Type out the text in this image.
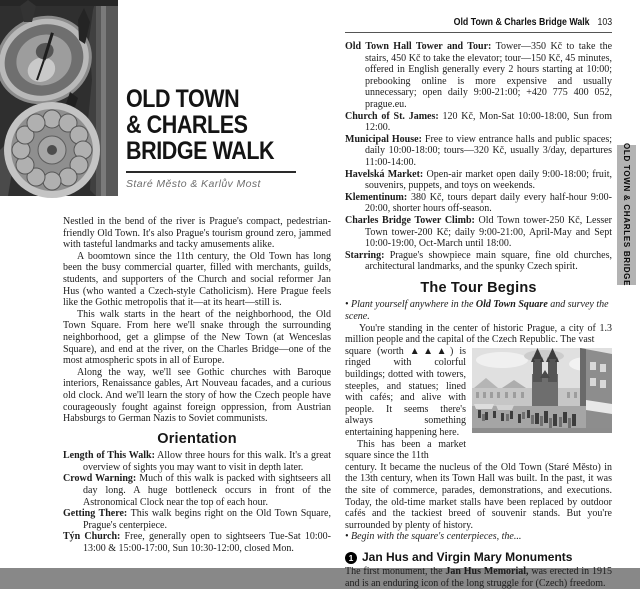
OLD TOWN
& CHARLES
BRIDGE WALK
Staré Město & Karlův Most

Nestled in the bend of the river is Prague's compact, pedestrian-friendly Old Town. It's also Prague's tourism ground zero, jammed with tasteful landmarks and tacky amusements alike.

A boomtown since the 11th century, the Old Town has long been the busy commercial quarter, filled with merchants, guilds, students, and supporters of the Church and social reformer Jan Hus (who wanted a Czech-style Catholicism). Here Prague feels like the Gothic metropolis that it—at its heart—still is.

This walk starts in the heart of the neighborhood, the Old Town Square. From here we'll snake through the surrounding neighborhood, get a glimpse of the New Town (at Wenceslas Square), and end at the river, on the Charles Bridge—one of the most atmospheric spots in all of Europe.

Along the way, we'll see Gothic churches with Baroque interiors, Renaissance gables, Art Nouveau facades, and a curious old clock. And we'll learn the story of how the Czech people have courageously fought against foreign oppression, from Austrian Habsburgs to German Nazis to Soviet communists.

Orientation

Length of This Walk: Allow three hours for this walk. It's a great overview of sights you may want to visit in depth later.

Crowd Warning: Much of this walk is packed with sightseers all day long. A huge bottleneck occurs in front of the Astronomical Clock near the top of each hour.

Getting There: This walk begins right on the Old Town Square, Prague's centerpiece.

Týn Church: Free, generally open to sightseers Tue-Sat 10:00-13:00 & 15:00-17:00, Sun 10:30-12:00, closed Mon.

Old Town & Charles Bridge Walk 103

Old Town Hall Tower and Tour: Tower—350 Kč to take the stairs, 450 Kč to take the elevator; tour—150 Kč, 45 minutes, offered in English generally every 2 hours starting at 10:00; prebooking online is more expensive and usually unnecessary; open daily 9:00-21:00; +420 775 400 052, prague.eu.

Church of St. James: 120 Kč, Mon-Sat 10:00-18:00, Sun from 12:00.

Municipal House: Free to view entrance halls and public spaces; daily 10:00-18:00; tours—320 Kč, usually 3/day, departures 11:00-14:00.

Havelská Market: Open-air market open daily 9:00-18:00; fruit, souvenirs, puppets, and toys on weekends.

Klementinum: 380 Kč, tours depart daily every half-hour 9:00-20:00, shorter hours off-season.

Charles Bridge Tower Climb: Old Town tower-250 Kč, Lesser Town tower-200 Kč; daily 9:00-21:00, April-May and Sept 10:00-19:00, Oct-March until 18:00.

Starring: Prague's showpiece main square, fine old churches, architectural landmarks, and the spunky Czech spirit.

The Tour Begins

• Plant yourself anywhere in the Old Town Square and survey the scene.

You're standing in the center of historic Prague, a city of 1.3 million people and the capital of the Czech Republic. The vast

square (worth ▲▲▲) is ringed with colorful buildings; dotted with towers, steeples, and statues; lined with cafés; and alive with people. It seems there's always something entertaining happening here.

This has been a market square since the 11th

century. It became the nucleus of the Old Town (Staré Město) in the 13th century, when its Town Hall was built. In the past, it was the site of commerce, parades, demonstrations, and executions. Today, the old-time market stalls have been replaced by outdoor cafés and the tackiest breed of souvenir stands. But you're surrounded by plenty of history.

• Begin with the square's centerpieces, the...

1 Jan Hus and Virgin Mary Monuments

The first monument, the Jan Hus Memorial, was erected in 1915 and is an enduring icon of the long struggle for (Czech) freedom.

OLD TOWN & CHARLES BRIDGE
